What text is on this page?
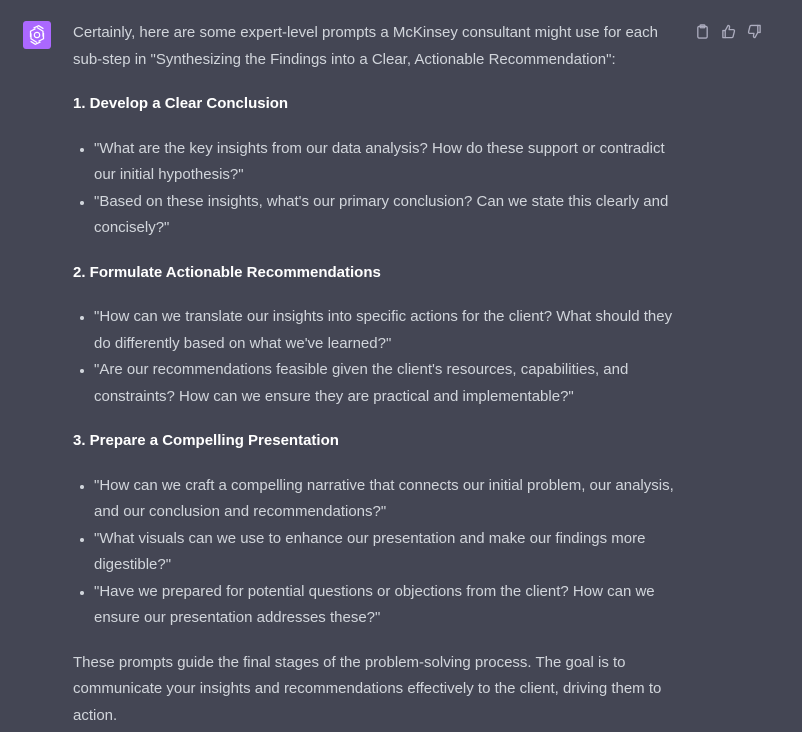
Certainly, here are some expert-level prompts a McKinsey consultant might use for each sub-step in "Synthesizing the Findings into a Clear, Actionable Recommendation":

1. Develop a Clear Conclusion

"What are the key insights from our data analysis? How do these support or contradict our initial hypothesis?"
"Based on these insights, what's our primary conclusion? Can we state this clearly and concisely?"

2. Formulate Actionable Recommendations

"How can we translate our insights into specific actions for the client? What should they do differently based on what we've learned?"
"Are our recommendations feasible given the client's resources, capabilities, and constraints? How can we ensure they are practical and implementable?"

3. Prepare a Compelling Presentation

"How can we craft a compelling narrative that connects our initial problem, our analysis, and our conclusion and recommendations?"
"What visuals can we use to enhance our presentation and make our findings more digestible?"
"Have we prepared for potential questions or objections from the client? How can we ensure our presentation addresses these?"

These prompts guide the final stages of the problem-solving process. The goal is to communicate your insights and recommendations effectively to the client, driving them to action.
